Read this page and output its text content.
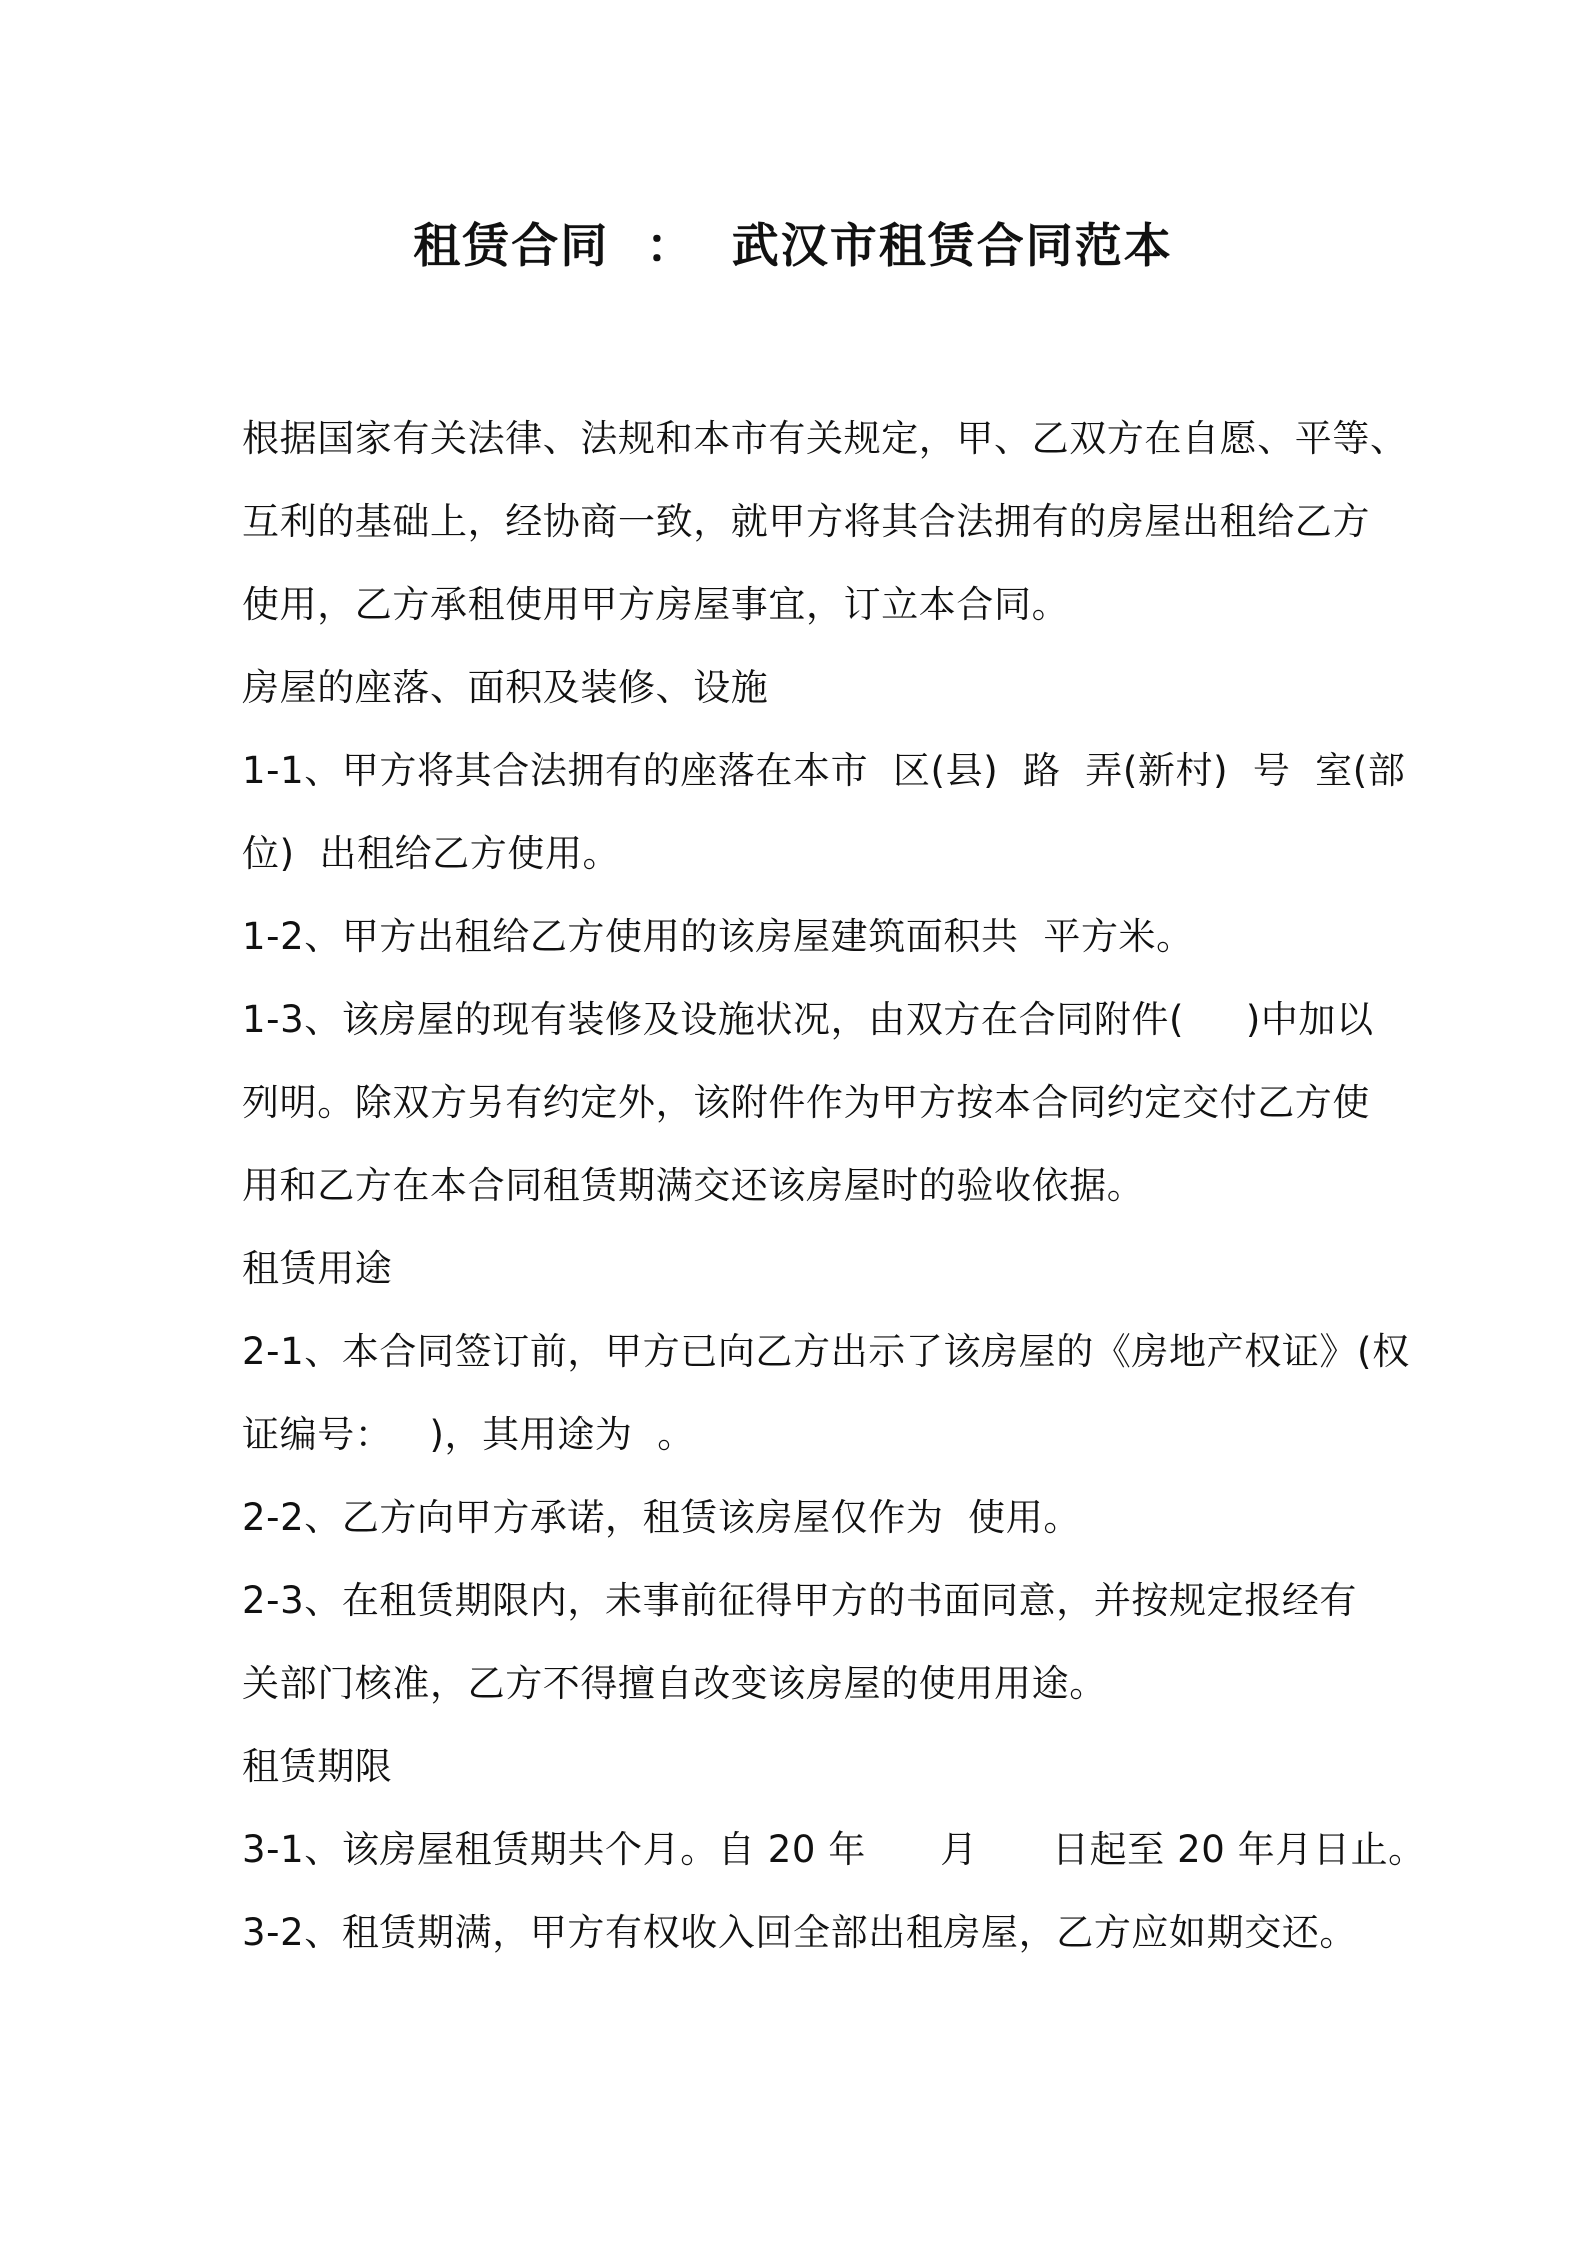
租赁合同  ：  武汉市租赁合同范本
根据国家有关法律、法规和本市有关规定，甲、乙双方在自愿、平等、
互利的基础上，经协商一致，就甲方将其合法拥有的房屋出租给乙方
使用，乙方承租使用甲方房屋事宜，订立本合同。
房屋的座落、面积及装修、设施
1-1、甲方将其合法拥有的座落在本市  区(县)  路  弄(新村)  号  室(部
位)  出租给乙方使用。
1-2、甲方出租给乙方使用的该房屋建筑面积共  平方米。
1-3、该房屋的现有装修及设施状况，由双方在合同附件(     )中加以
列明。除双方另有约定外，该附件作为甲方按本合同约定交付乙方使
用和乙方在本合同租赁期满交还该房屋时的验收依据。
租赁用途
2-1、本合同签订前，甲方已向乙方出示了该房屋的《房地产权证》(权
证编号：   )，其用途为  。
2-2、乙方向甲方承诺，租赁该房屋仅作为  使用。
2-3、在租赁期限内，未事前征得甲方的书面同意，并按规定报经有
关部门核准，乙方不得擅自改变该房屋的使用用途。
租赁期限
3-1、该房屋租赁期共个月。自 20 年      月      日起至 20 年月日止。
3-2、租赁期满，甲方有权收入回全部出租房屋，乙方应如期交还。
